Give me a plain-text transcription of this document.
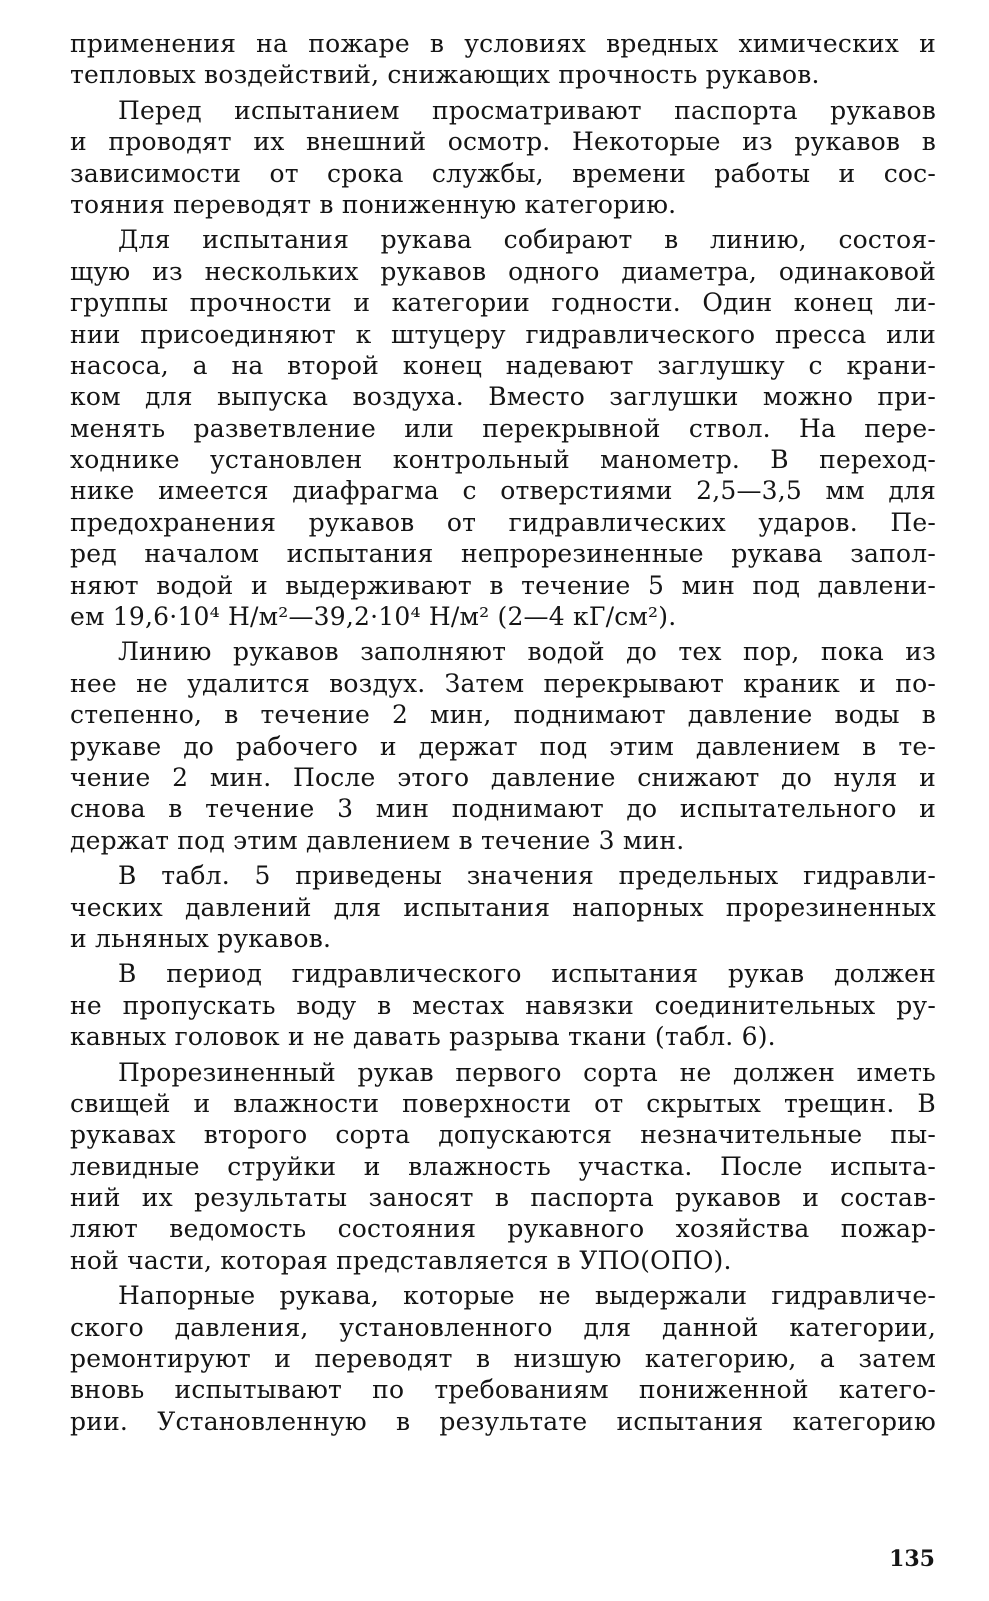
применения на пожаре в условиях вредных химических и
тепловых воздействий, снижающих прочность рукавов.
Перед испытанием просматривают паспорта рукавов
и проводят их внешний осмотр. Некоторые из рукавов в
зависимости от срока службы, времени работы и сос-
тояния переводят в пониженную категорию.
Для испытания рукава собирают в линию, состоя-
щую из нескольких рукавов одного диаметра, одинаковой
группы прочности и категории годности. Один конец ли-
нии присоединяют к штуцеру гидравлического пресса или
насоса, а на второй конец надевают заглушку с крани-
ком для выпуска воздуха. Вместо заглушки можно при-
менять разветвление или перекрывной ствол. На пере-
ходнике установлен контрольный манометр. В переход-
нике имеется диафрагма с отверстиями 2,5—3,5 мм для
предохранения рукавов от гидравлических ударов. Пе-
ред началом испытания непрорезиненные рукава запол-
няют водой и выдерживают в течение 5 мин под давлени-
ем 19,6·10⁴ Н/м²—39,2·10⁴ Н/м² (2—4 кГ/см²).
Линию рукавов заполняют водой до тех пор, пока из
нее не удалится воздух. Затем перекрывают краник и по-
степенно, в течение 2 мин, поднимают давление воды в
рукаве до рабочего и держат под этим давлением в те-
чение 2 мин. После этого давление снижают до нуля и
снова в течение 3 мин поднимают до испытательного и
держат под этим давлением в течение 3 мин.
В табл. 5 приведены значения предельных гидравли-
ческих давлений для испытания напорных прорезиненных
и льняных рукавов.
В период гидравлического испытания рукав должен
не пропускать воду в местах навязки соединительных ру-
кавных головок и не давать разрыва ткани (табл. 6).
Прорезиненный рукав первого сорта не должен иметь
свищей и влажности поверхности от скрытых трещин. В
рукавах второго сорта допускаются незначительные пы-
левидные струйки и влажность участка. После испыта-
ний их результаты заносят в паспорта рукавов и состав-
ляют ведомость состояния рукавного хозяйства пожар-
ной части, которая представляется в УПО(ОПО).
Напорные рукава, которые не выдержали гидравличе-
ского давления, установленного для данной категории,
ремонтируют и переводят в низшую категорию, а затем
вновь испытывают по требованиям пониженной катего-
рии. Установленную в результате испытания категорию
135
